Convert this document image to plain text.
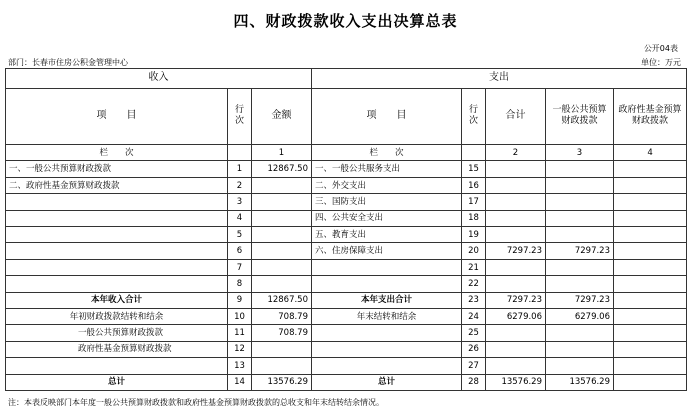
四、财政拨款收入支出决算总表
公开04表
部门：长春市住房公积金管理中心	单位：万元
收入			支出				
项　　目	行次	金额	项　　目	行次	合计	一般公共预算财政拨款	政府性基金预算财政拨款
栏　　次		1	栏　　次		2	3	4
一、一般公共预算财政拨款	1	12867.50	一、一般公共服务支出	15			
二、政府性基金预算财政拨款	2		二、外交支出	16			
	3		三、国防支出	17			
	4		四、公共安全支出	18			
	5		五、教育支出	19			
	6		六、住房保障支出	20	7297.23	7297.23	
	7			21			
	8			22			
本年收入合计	9	12867.50	本年支出合计	23	7297.23	7297.23	
年初财政拨款结转和结余	10	708.79	年末结转和结余	24	6279.06	6279.06	
一般公共预算财政拨款	11	708.79		25			
政府性基金预算财政拨款	12			26			
	13			27			
总计	14	13576.29	总计	28	13576.29	13576.29	
注：本表反映部门本年度一般公共预算财政拨款和政府性基金预算财政拨款的总收支和年末结转结余情况。
